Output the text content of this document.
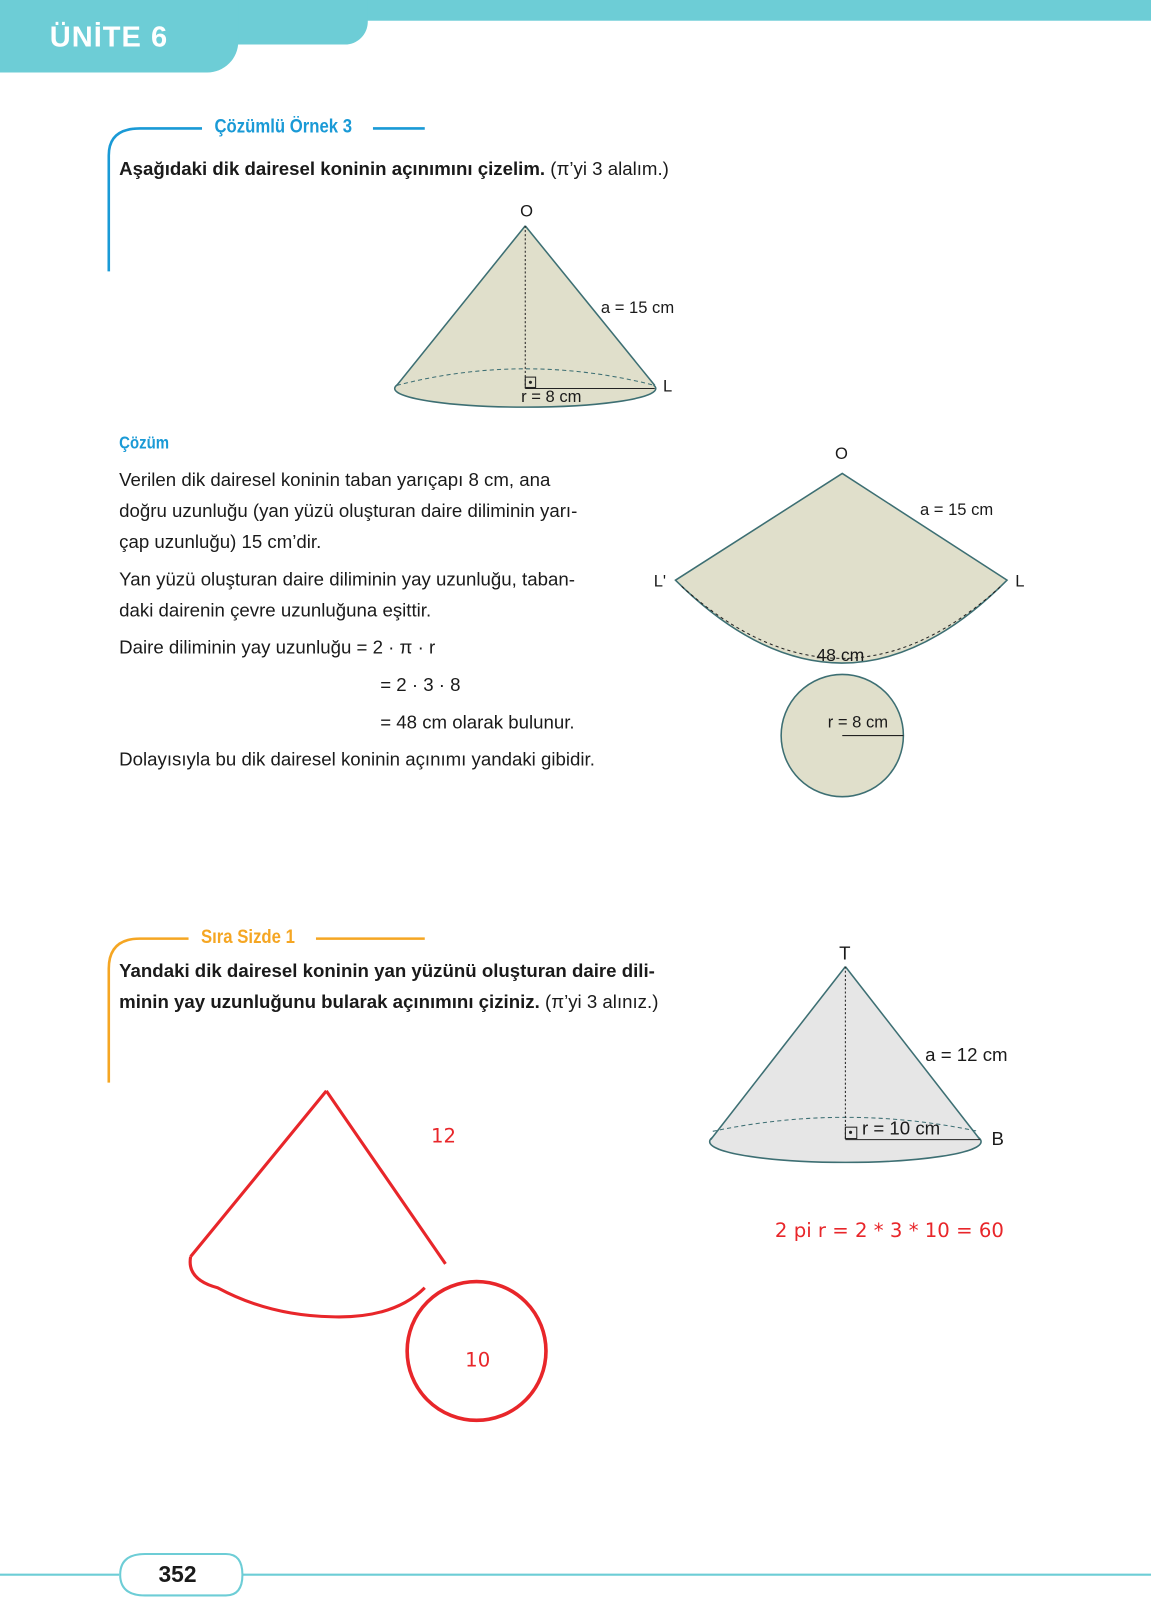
ÜNİTE 6
Çözümlü Örnek 3
Aşağıdaki dik dairesel koninin açınımını çizelim. (π’yi 3 alalım.)
O
a = 15 cm
r = 8 cm
L
Çözüm
Verilen dik dairesel koninin taban yarıçapı 8 cm, ana
doğru uzunluğu (yan yüzü oluşturan daire diliminin yarı-
çap uzunluğu) 15 cm’dir.
Yan yüzü oluşturan daire diliminin yay uzunluğu, taban-
daki dairenin çevre uzunluğuna eşittir.
Daire diliminin yay uzunluğu = 2 · π · r
= 2 · 3 · 8
= 48 cm olarak bulunur.
Dolayısıyla bu dik dairesel koninin açınımı yandaki gibidir.
O
a = 15 cm
L'	L
48 cm
r = 8 cm
Sıra Sizde 1
Yandaki dik dairesel koninin yan yüzünü oluşturan daire dili-
minin yay uzunluğunu bularak açınımını çiziniz. (π’yi 3 alınız.)
T
a = 12 cm
r = 10 cm	B
12
10
2 pi r = 2 * 3 * 10 = 60
352
